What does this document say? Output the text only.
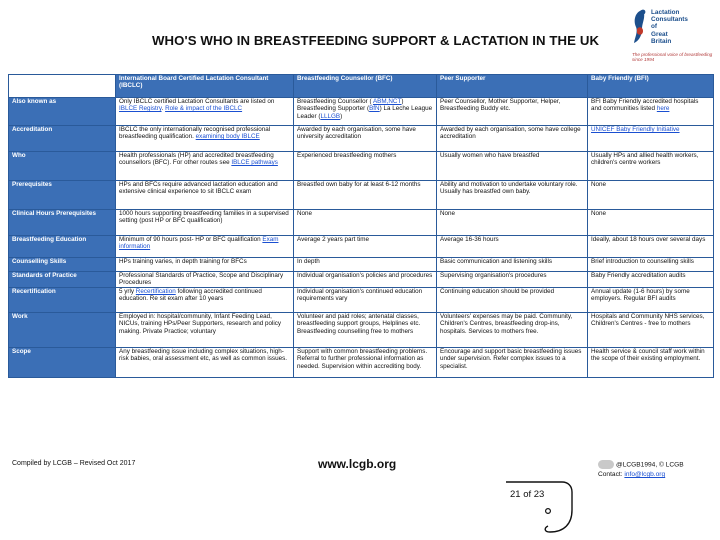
WHO'S WHO IN BREASTFEEDING SUPPORT & LACTATION IN THE UK
Lactation
Consultants
of
Great
Britain
The professional voice of breastfeeding since 1994
	International Board Certified Lactation Consultant (IBCLC)	Breastfeeding Counsellor (BFC)	Peer Supporter	Baby Friendly (BFI)
Also known as	Only IBCLC certified Lactation Consultants are listed on IBLCE Registry. Role & impact of the IBCLC	Breastfeeding Counsellor ( ABM,NCT) Breastfeeding Supporter (BfN) La Leche League Leader (LLLGB)	Peer Counsellor, Mother Supporter, Helper, Breastfeeding Buddy etc.	BFI Baby Friendly accredited hospitals and communities listed here
Accreditation	IBCLC the only internationally recognised professional breastfeeding qualification. examining body IBLCE	Awarded by each organisation, some have university accreditation	Awarded by each organisation, some have college accreditation	UNICEF Baby Friendly Initiative
Who	Health professionals (HP) and accredited breastfeeding counsellors (BFC). For other routes see IBLCE pathways	Experienced breastfeeding mothers	Usually women who have breastfed	Usually HPs and allied health workers, children's centre workers
Prerequisites	HPs and BFCs require advanced lactation education and extensive clinical experience to sit IBCLC exam	Breastfed own baby for at least 6-12 months	Ability and motivation to undertake voluntary role. Usually has breastfed own baby.	None
Clinical Hours Prerequisites	1000 hours supporting breastfeeding families in a supervised setting (post HP or BFC qualification)	None	None	None
Breastfeeding Education	Minimum of 90 hours post- HP or BFC qualification Exam information	Average 2 years part time	Average 16-36 hours	Ideally, about 18 hours over several days
Counselling Skills	HPs training varies, in depth training for BFCs	In depth	Basic communication and listening skills	Brief introduction to counselling skills
Standards of Practice	Professional Standards of Practice, Scope and Disciplinary Procedures	Individual organisation's policies and procedures	Supervising organisation's procedures	Baby Friendly accreditation audits
Recertification	5 yrly Recertification following accredited continued education. Re sit exam after 10 years	Individual organisation's continued education requirements vary	Continuing education should be provided	Annual update (1-6 hours) by some employers. Regular BFI audits
Work	Employed in: hospital/community, Infant Feeding Lead, NICUs, training HPs/Peer Supporters, research and policy making. Private Practice; voluntary	Volunteer and paid roles; antenatal classes, breastfeeding support groups, Helplines etc. Breastfeeding counselling free to mothers	Volunteers' expenses may be paid. Community, Children's Centres, breastfeeding drop-ins, hospitals. Services to mothers free.	Hospitals and Community NHS services, Children's Centres - free to mothers
Scope	Any breastfeeding issue including complex situations, high-risk babies, oral assessment etc, as well as common issues.	Support with common breastfeeding problems. Referral to further professional information as needed. Supervision within accrediting body.	Encourage and support basic breastfeeding issues under supervision. Refer complex issues to a specialist.	Health service & council staff work within the scope of their existing employment.
Compiled by LCGB – Revised Oct 2017	www.lcgb.org	@LCGB1994, © LCGB
Contact: info@lcgb.org
21 of 23
